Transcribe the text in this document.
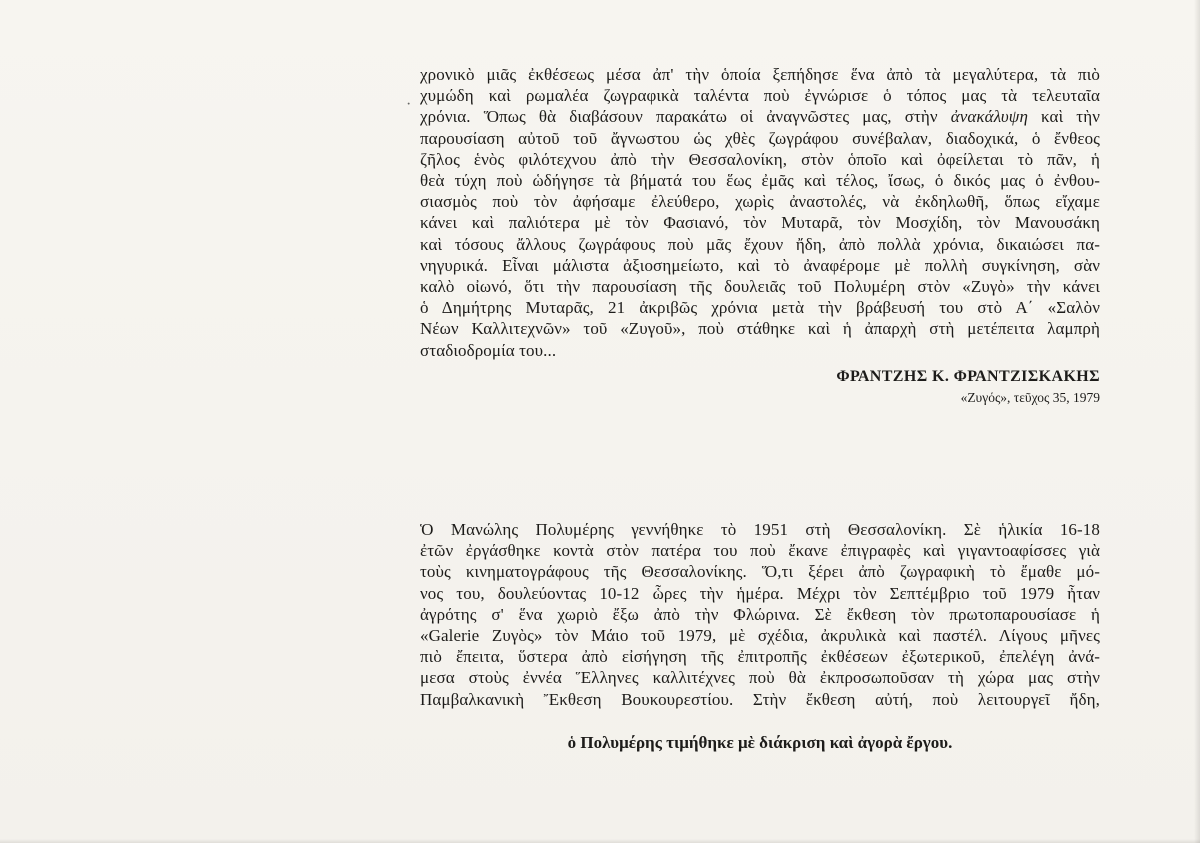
·
χρονικὸ μιᾶς ἐκθέσεως μέσα ἀπ' τὴν ὁποία ξεπήδησε ἕνα ἀπὸ τὰ μεγαλύτερα, τὰ πιὸ
χυμώδη καὶ ρωμαλέα ζωγραφικὰ ταλέντα ποὺ ἐγνώρισε ὁ τόπος μας τὰ τελευταῖα
χρόνια. Ὅπως θὰ διαβάσουν παρακάτω οἱ ἀναγνῶστες μας, στὴν ἀνακάλυψη καὶ τὴν
παρουσίαση αὐτοῦ τοῦ ἄγνωστου ὡς χθὲς ζωγράφου συνέβαλαν, διαδοχικά, ὁ ἔνθεος
ζῆλος ἑνὸς φιλότεχνου ἀπὸ τὴν Θεσσαλονίκη, στὸν ὁποῖο καὶ ὀφείλεται τὸ πᾶν, ἡ
θεὰ τύχη ποὺ ὡδήγησε τὰ βήματά του ἕως ἐμᾶς καὶ τέλος, ἴσως, ὁ δικός μας ὁ ἐνθου-
σιασμὸς ποὺ τὸν ἀφήσαμε ἐλεύθερο, χωρὶς ἀναστολές, νὰ ἐκδηλωθῆ, ὅπως εἴχαμε
κάνει καὶ παλιότερα μὲ τὸν Φασιανό, τὸν Μυταρᾶ, τὸν Μοσχίδη, τὸν Μανουσάκη
καὶ τόσους ἄλλους ζωγράφους ποὺ μᾶς ἔχουν ἤδη, ἀπὸ πολλὰ χρόνια, δικαιώσει πα-
νηγυρικά. Εἶναι μάλιστα ἀξιοσημείωτο, καὶ τὸ ἀναφέρομε μὲ πολλὴ συγκίνηση, σὰν
καλὸ οἰωνό, ὅτι τὴν παρουσίαση τῆς δουλειᾶς τοῦ Πολυμέρη στὸν «Ζυγὸ» τὴν κάνει
ὁ Δημήτρης Μυταρᾶς, 21 ἀκριβῶς χρόνια μετὰ τὴν βράβευσή του στὸ Α΄ «Σαλὸν
Νέων Καλλιτεχνῶν» τοῦ «Ζυγοῦ», ποὺ στάθηκε καὶ ἡ ἀπαρχὴ στὴ μετέπειτα λαμπρὴ
σταδιοδρομία του...
ΦΡΑΝΤΖΗΣ Κ. ΦΡΑΝΤΖΙΣΚΑΚΗΣ
«Ζυγός», τεῦχος 35, 1979
Ὁ Μανώλης Πολυμέρης γεννήθηκε τὸ 1951 στὴ Θεσσαλονίκη. Σὲ ἡλικία 16-18
ἐτῶν ἐργάσθηκε κοντὰ στὸν πατέρα του ποὺ ἔκανε ἐπιγραφὲς καὶ γιγαντοαφίσσες γιὰ
τοὺς κινηματογράφους τῆς Θεσσαλονίκης. Ὅ,τι ξέρει ἀπὸ ζωγραφικὴ τὸ ἔμαθε μό-
νος του, δουλεύοντας 10-12 ὧρες τὴν ἡμέρα. Μέχρι τὸν Σεπτέμβριο τοῦ 1979 ἦταν
ἀγρότης σ' ἕνα χωριὸ ἔξω ἀπὸ τὴν Φλώρινα. Σὲ ἔκθεση τὸν πρωτοπαρουσίασε ἡ
«Galerie Ζυγὸς» τὸν Μάιο τοῦ 1979, μὲ σχέδια, ἀκρυλικὰ καὶ παστέλ. Λίγους μῆνες
πιὸ ἔπειτα, ὕστερα ἀπὸ εἰσήγηση τῆς ἐπιτροπῆς ἐκθέσεων ἐξωτερικοῦ, ἐπελέγη ἀνά-
μεσα στοὺς ἐννέα Ἕλληνες καλλιτέχνες ποὺ θὰ ἐκπροσωποῦσαν τὴ χώρα μας στὴν
Παμβαλκανικὴ Ἔκθεση Βουκουρεστίου. Στὴν ἔκθεση αὐτή, ποὺ λειτουργεῖ ἤδη,
ὁ Πολυμέρης τιμήθηκε μὲ διάκριση καὶ ἀγορὰ ἔργου.
